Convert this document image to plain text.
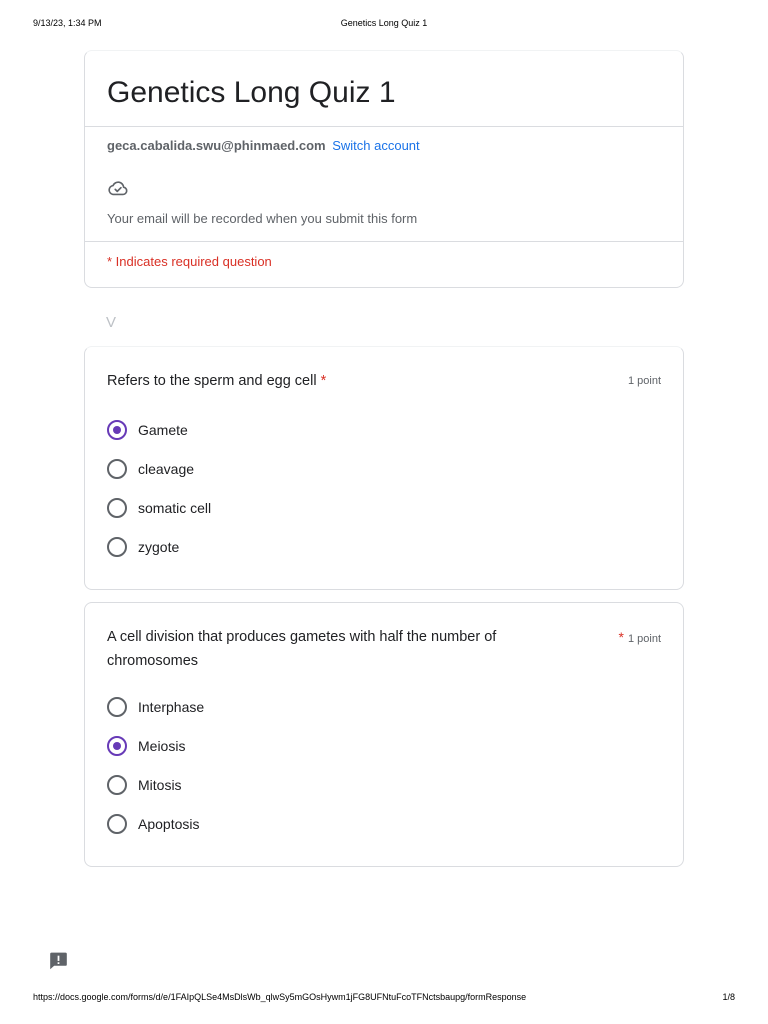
9/13/23, 1:34 PM	Genetics Long Quiz 1
Genetics Long Quiz 1
geca.cabalida.swu@phinmaed.com Switch account
Your email will be recorded when you submit this form
* Indicates required question
V
Refers to the sperm and egg cell *	1 point
Gamete
cleavage
somatic cell
zygote
A cell division that produces gametes with half the number of chromosomes
* 1 point
Interphase
Meiosis
Mitosis
Apoptosis
https://docs.google.com/forms/d/e/1FAIpQLSe4MsDlsWb_qlwSy5mGOsHywm1jFG8UFNtuFcoTFNctsbaupg/formResponse	1/8
